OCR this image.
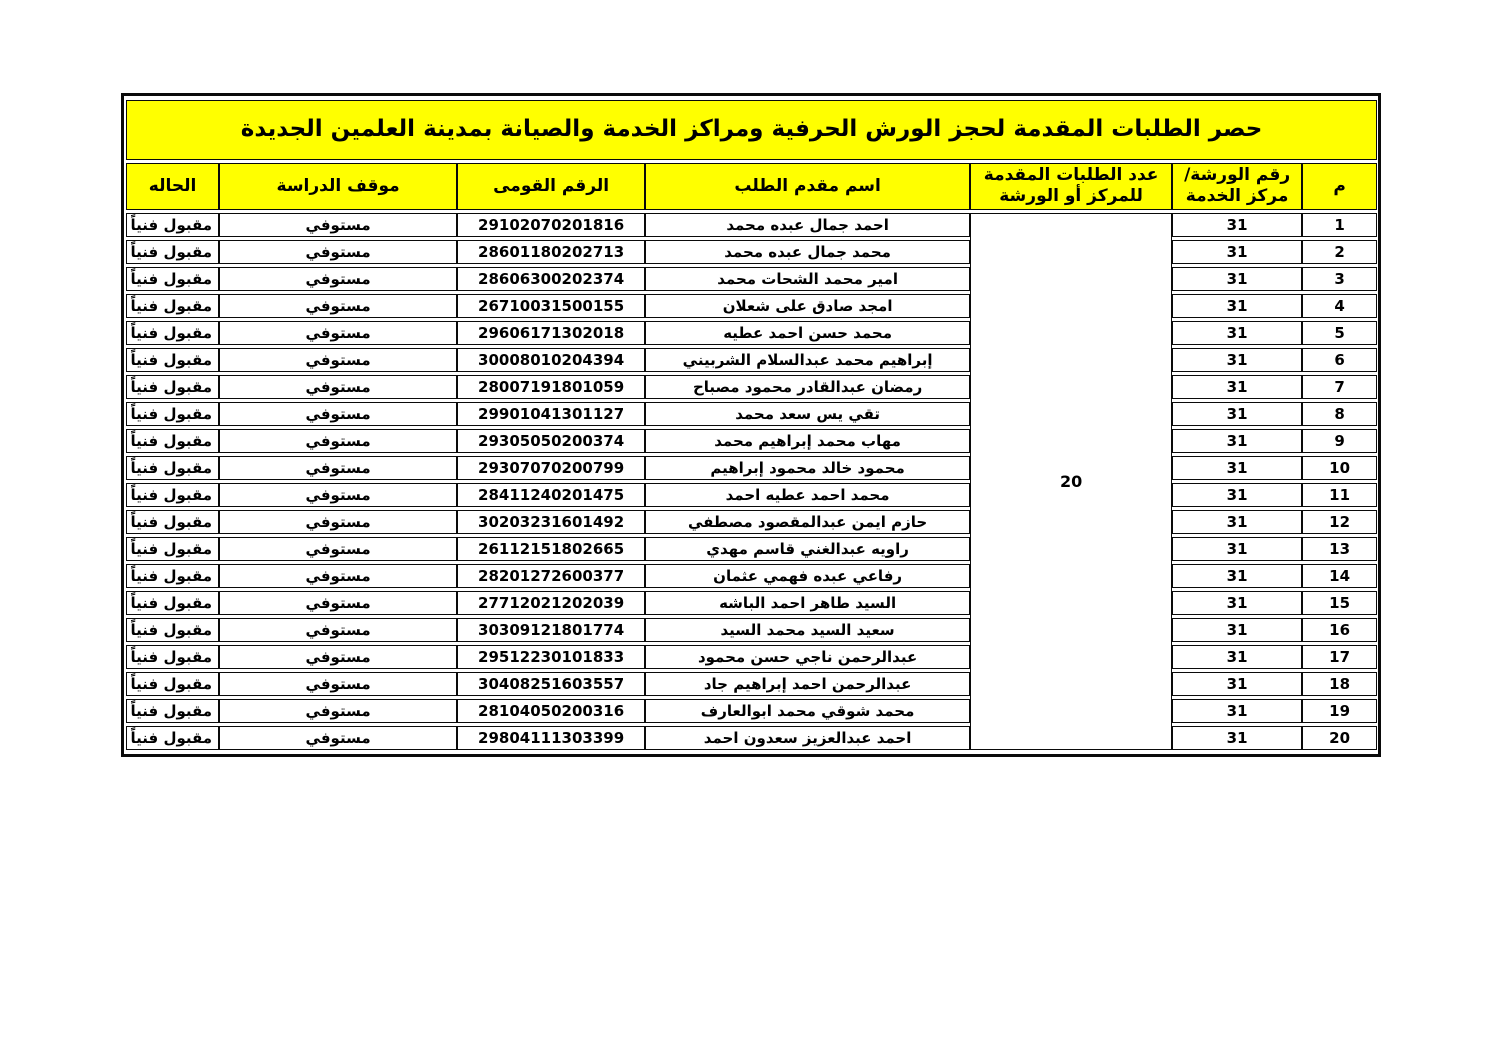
حصر الطلبات المقدمة لحجز الورش الحرفية ومراكز الخدمة والصيانة بمدينة العلمين الجديدة						
م	رقم الورشة/ مركز الخدمة	عدد الطلبات المقدمة للمركز أو الورشة	اسم مقدم الطلب	الرقم القومى	موقف الدراسة	الحاله
1	31	20	احمد جمال عبده محمد	29102070201816	مستوفي	مقبول فنياً
2	31		محمد جمال عبده محمد	28601180202713	مستوفي	مقبول فنياً
3	31		امير محمد الشحات محمد	28606300202374	مستوفي	مقبول فنياً
4	31		امجد صادق على شعلان	26710031500155	مستوفي	مقبول فنياً
5	31		محمد حسن احمد عطيه	29606171302018	مستوفي	مقبول فنياً
6	31		إبراهيم محمد عبدالسلام الشربيني	30008010204394	مستوفي	مقبول فنياً
7	31		رمضان عبدالقادر محمود مصباح	28007191801059	مستوفي	مقبول فنياً
8	31		تقي يس سعد محمد	29901041301127	مستوفي	مقبول فنياً
9	31		مهاب محمد إبراهيم محمد	29305050200374	مستوفي	مقبول فنياً
10	31		محمود خالد محمود إبراهيم	29307070200799	مستوفي	مقبول فنياً
11	31		محمد احمد عطيه احمد	28411240201475	مستوفي	مقبول فنياً
12	31		حازم ايمن عبدالمقصود مصطفي	30203231601492	مستوفي	مقبول فنياً
13	31		راويه عبدالغني قاسم مهدي	26112151802665	مستوفي	مقبول فنياً
14	31		رفاعي عبده فهمي عثمان	28201272600377	مستوفي	مقبول فنياً
15	31		السيد طاهر احمد الباشه	27712021202039	مستوفي	مقبول فنياً
16	31		سعيد السيد محمد السيد	30309121801774	مستوفي	مقبول فنياً
17	31		عبدالرحمن ناجي حسن محمود	29512230101833	مستوفي	مقبول فنياً
18	31		عبدالرحمن احمد إبراهيم جاد	30408251603557	مستوفي	مقبول فنياً
19	31		محمد شوقي محمد ابوالعارف	28104050200316	مستوفي	مقبول فنياً
20	31		احمد عبدالعزيز سعدون احمد	29804111303399	مستوفي	مقبول فنياً
